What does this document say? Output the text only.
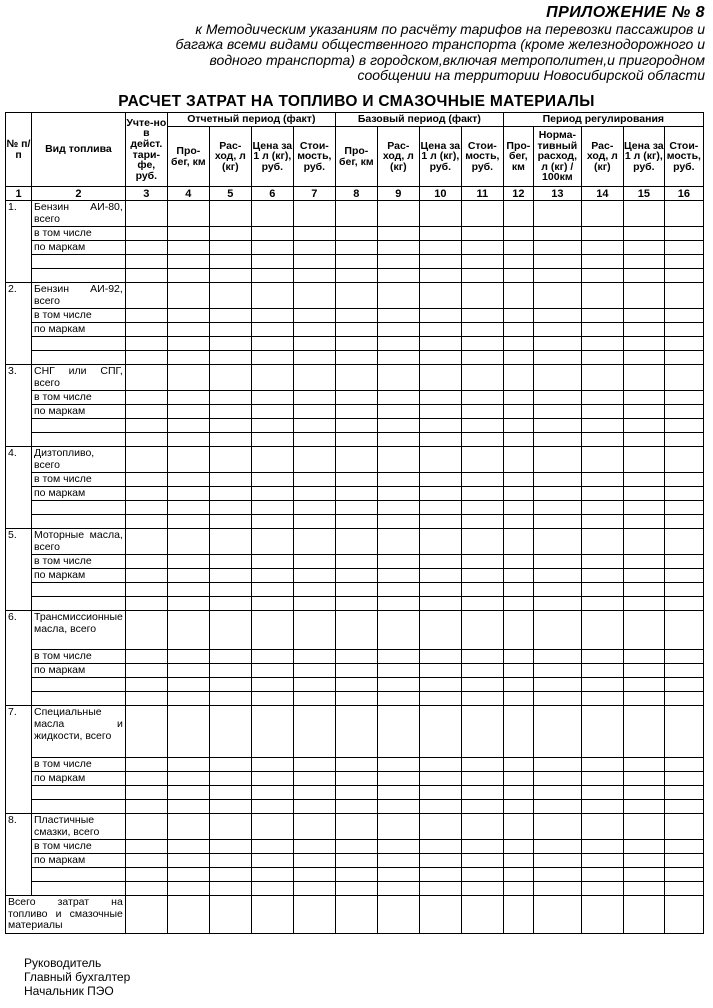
ПРИЛОЖЕНИЕ № 8
к Методическим указаниям по расчёту тарифов на перевозки пассажиров и
багажа всеми видами общественного транспорта (кроме железнодорожного и
водного транспорта) в городском,включая метрополитен,и пригородном
сообщении на территории Новосибирской области
РАСЧЕТ ЗАТРАТ НА ТОПЛИВО И СМАЗОЧНЫЕ МАТЕРИАЛЫ
№ п/п	Вид топлива	Учте-но в дейст. тари-фе, руб.	Отчетный период (факт)				Базовый период (факт)				Период регулирования				
			Про-бег, км	Рас-ход, л (кг)	Цена за 1 л (кг), руб.	Стои-мость, руб.	Про-бег, км	Рас-ход, л (кг)	Цена за 1 л (кг), руб.	Стои-мость, руб.	Про-бег, км	Норма-тивный расход, л (кг) / 100км	Рас-ход, л (кг)	Цена за 1 л (кг), руб.	Стои-мость, руб.
1	2	3	4	5	6	7	8	9	10	11	12	13	14	15	16
1.	Бензин АИ-80, всего														
	в том числе														
	по маркам														

2.	Бензин АИ-92, всего														
	в том числе														
	по маркам														

3.	СНГ или СПГ, всего														
	в том числе														
	по маркам														

4.	Дизтопливо, всего														
	в том числе														
	по маркам														

5.	Моторные масла, всего														
	в том числе														
	по маркам														

6.	Трансмиссионные масла, всего														
	в том числе														
	по маркам														

7.	Специальные масла и жидкости, всего														
	в том числе														
	по маркам														

8.	Пластичные смазки, всего														
	в том числе														
	по маркам														

Всего затрат на топливо и смазочные материалы															
Руководитель
Главный бухгалтер
Начальник ПЭО
